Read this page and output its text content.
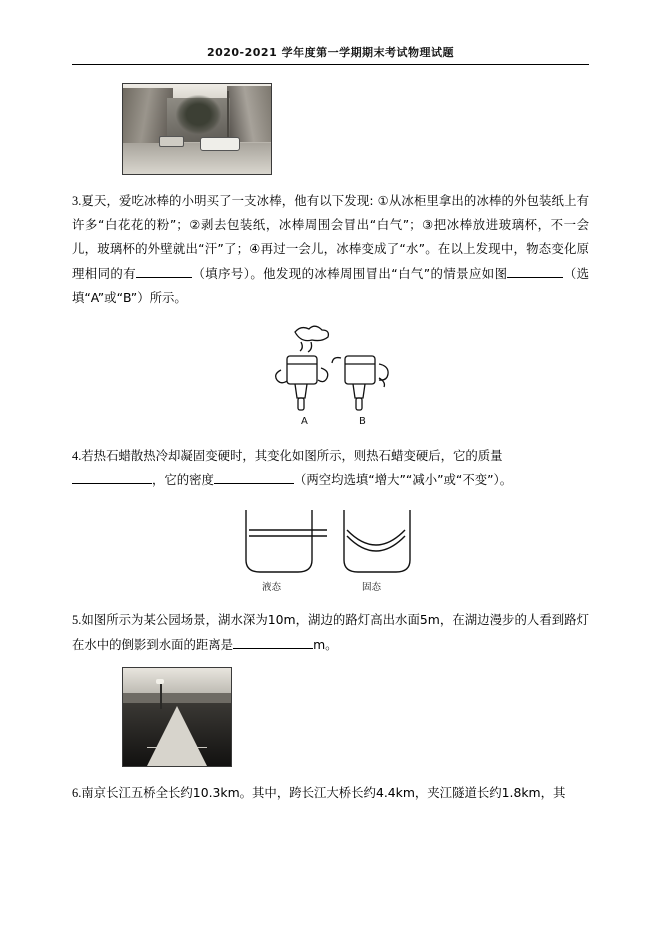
2020-2021 学年度第一学期期末考试物理试题

3.夏天，爱吃冰棒的小明买了一支冰棒，他有以下发现: ①从冰柜里拿出的冰棒的外包装纸上有许多“白花花的粉”；②剥去包装纸，冰棒周围会冒出“白气”；③把冰棒放进玻璃杯，不一会儿，玻璃杯的外壁就出“汗”了；④再过一会儿，冰棒变成了“水”。在以上发现中，物态变化原理相同的有	（填序号）。他发现的冰棒周围冒出“白气”的情景应如图	（选填“A”或“B”）所示。

A	B

4.若热石蜡散热冷却凝固变硬时，其变化如图所示，则热石蜡变硬后，它的质量
，它的密度	（两空均选填“增大”“减小”或“不变”）。

液态	固态

5.如图所示为某公园场景，湖水深为10m，湖边的路灯高出水面5m，在湖边漫步的人看到路灯在水中的倒影到水面的距离是	m。

6.南京长江五桥全长约10.3km。其中，跨长江大桥长约4.4km，夹江隧道长约1.8km，其
